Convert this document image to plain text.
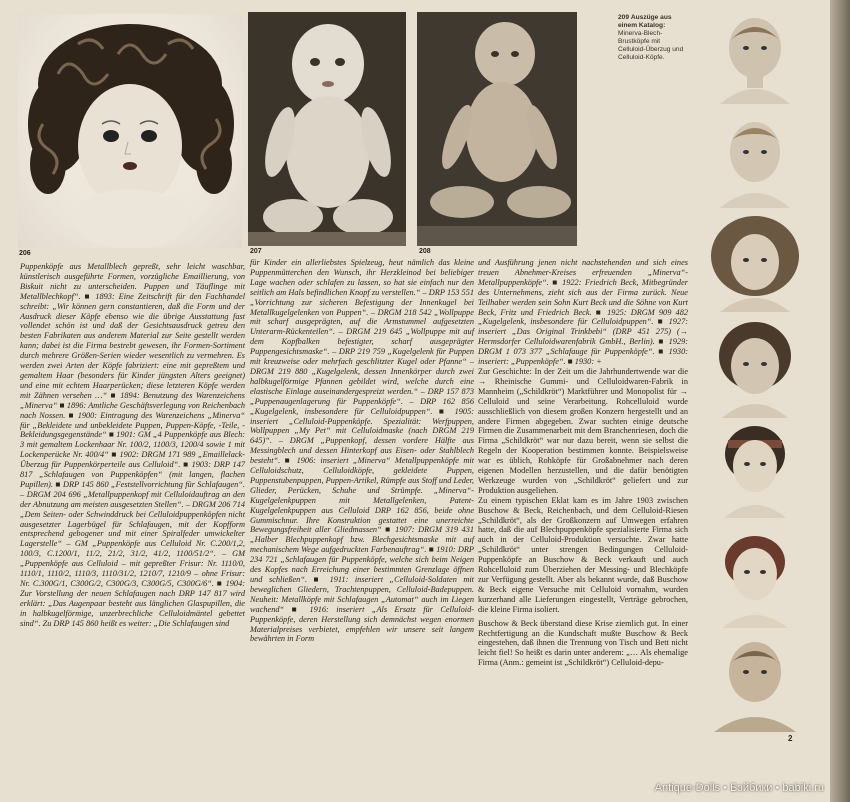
206	207	208
209 Auszüge aus einem Katalog: Minerva-Blech-Brustköpfe mit Celluloid-Überzug und Celluloid-Köpfe.

Puppenköpfe aus Metallblech gepreßt, sehr leicht waschbar, künstlerisch ausgeführte Formen, vorzügliche Emaillierung, von Biskuit nicht zu unterscheiden. Puppen und Täuflinge mit Metallblechkopf“. ■ 1893: Eine Zeitschrift für den Fachhandel schreibt: „Wir können gern constantieren, daß die Form und der Ausdruck dieser Köpfe ebenso wie die übrige Ausstattung fast vollendet schön ist und daß der Gesichtsausdruck getreu den besten Fabrikaten aus anderem Material zur Seite gestellt werden kann; dabei ist die Firma bestrebt gewesen, ihr Formen-Sortiment durch mehrere Größen-Serien wieder wesentlich zu vermehren. Es werden zwei Arten der Köpfe fabriziert: eine mit gepreßtem und gemaltem Haar (besonders für Kinder jüngsten Alters geeignet) und eine mit echtem Haarperücken; diese letzteren Köpfe werden mit Zähnen versehen …“ ■ 1894: Benutzung des Warenzeichens „Minerva“ ■ 1896: Amtliche Geschäftsverlegung von Reichenbach nach Nossen. ■ 1900: Eintragung des Warenzeichens „Minerva“ für „Bekleidete und unbekleidete Puppen, Puppen-Köpfe, -Teile, -Bekleidungsgegenstände“ ■ 1901: GM „4 Puppenköpfe aus Blech: 3 mit gemaltem Lockenhaar Nr. 100/2, 1100/3, 1200/4 sowie 1 mit Lockenperücke Nr. 400/4“ ■ 1902: DRGM 171 989 „Emaillelack-Überzug für Puppenkörperteile aus Celluloid“. ■ 1903: DRP 147 817 „Schlafaugen von Puppenköpfen“ (mit langen, flachen Pupillen). ■ DRP 145 860 „Feststellvorrichtung für Schlafaugen“. – DRGM 204 696 „Metallpuppenkopf mit Celluloidauftrag an den der Abnutzung am meisten ausgesetzten Stellen“. – DRGM 206 714 „Dem Seiten- oder Schwinddruck bei Celluloidpuppenköpfen nicht ausgesetzter Lagerbügel für Schlafaugen, mit der Kopfform entsprechend gebogener und mit einer Spiralfeder umwickelter Lagerstelle“ – GM „Puppenköpfe aus Celluloid Nr. C.200/1,2, 100/3, C.1200/1, 11/2, 21/2, 31/2, 41/2, 1100/51/2“. – GM „Puppenköpfe aus Celluloid – mit gepreßter Frisur: Nr. 1110/0, 1110/1, 1110/2, 1110/3, 1110/31/2, 1210/7, 1210/9 – ohne Frisur: Nr. C.300G/1, C300G/2, C300G/3, C300G/5, C300G/6“. ■ 1904: Zur Vorstellung der neuen Schlafaugen nach DRP 147 817 wird erklärt: „Das Augenpaar besteht aus länglichen Glaspupillen, die in halbkugelförmige, unzerbrechliche Celluloidmäntel gebettet sind“. Zu DRP 145 860 heißt es weiter: „Die Schlafaugen sind

für Kinder ein allerliebstes Spielzeug, heut nämlich das kleine Puppenmütterchen den Wunsch, ihr Herzkleinod bei beliebiger Lage wachen oder schlafen zu lassen, so hat sie einfach nur den seitlich am Hals befindlichen Knopf zu verstellen.“ – DRP 153 551 „Vorrichtung zur sicheren Befestigung der Innenkugel bei Metallkugelgelenken von Puppen“. – DRGM 218 542 „Wollpuppe mit scharf ausgeprägten, auf die Armstummel aufgesetzten Unterarm-Rückenteilen“. – DRGM 219 645 „Wollpuppe mit auf dem Kopfbalken befestigter, scharf ausgeprägter Puppengesichtsmaske“. – DRP 219 759 „Kugelgelenk für Puppen mit kreuzweise oder mehrfach geschlitzter Kugel oder Pfanne“ – DRGM 219 880 „Kugelgelenk, dessen Innenkörper durch zwei halbkugelförmige Pfannen gebildet wird, welche durch eine elastische Einlage auseinandergespreizt werden.“ – DRP 157 873 „Puppenaugenlagerung für Puppenköpfe“. – DRP 162 856 „Kugelgelenk, insbesondere für Celluloidpuppen“. ■ 1905: inseriert „Celluloid-Puppenköpfe. Spezialität: Werfpuppen, Wollpuppen „My Pet“ mit Celluloidmaske (nach DRGM 219 645)“. – DRGM „Puppenkopf, dessen vordere Hälfte aus Messingblech und dessen Hinterkopf aus Eisen- oder Stahlblech besteht“. ■ 1906: inseriert „Minerva“ Metallpuppenköpfe mit Celluloidschutz, Celluloidköpfe, gekleidete Puppen, Puppenstubenpuppen, Puppen-Artikel, Rümpfe aus Stoff und Leder, Glieder, Perücken, Schuhe und Strümpfe. „Minerva“-Kugelgelenkpuppen mit Metallgelenken, Patent-Kugelgelenkpuppen aus Celluloid DRP 162 856, beide ohne Gummischnur. Ihre Konstruktion gestattet eine unerreichte Bewegungsfreiheit aller Gliedmassen“ ■ 1907: DRGM 319 431 „Halber Blechpuppenkopf bzw. Blechgesichtsmaske mit auf mechanischem Wege aufgedruckten Farbenauftrag“. ■ 1910: DRP 234 721 „Schlafaugen für Puppenköpfe, welche sich beim Neigen des Kopfes nach Erreichung einer bestimmten Grenzlage öffnen und schließen“. ■ 1911: inseriert „Celluloid-Soldaten mit beweglichen Gliedern, Trachtenpuppen, Celluloid-Badepuppen. Neuheit: Metallköpfe mit Schlafaugen „Automat“ auch im Liegen wachend“ ■ 1916: inseriert „Als Ersatz für Celluloid-Puppenköpfe, deren Herstellung sich demnächst wegen enormen Materialpreises verbietet, empfehlen wir unsere seit langem bewährten in Form

und Ausführung jenen nicht nachstehenden und sich eines treuen Abnehmer-Kreises erfreuenden „Minerva“-Metallpuppenköpfe“. ■ 1922: Friedrich Beck, Mitbegründer des Unternehmens, zieht sich aus der Firma zurück. Neue Teilhaber werden sein Sohn Kurt Beck und die Söhne von Kurt Beck, Fritz und Friedrich Beck. ■ 1925: DRGM 909 482 „Kugelgelenk, insbesondere für Celluloidpuppen“. ■ 1927: inseriert „Das Original Trinkbebi“ (DRP 451 275) (→ Hermsdorfer Celluloidwarenfabrik GmbH., Berlin). ■ 1929: DRGM 1 073 377 „Schlafauge für Puppenköpfe“. ■ 1930: inseriert: „Puppenköpfe“. ■ 1930: +

Zur Geschichte: In der Zeit um die Jahrhundertwende war die → Rheinische Gummi- und Celluloidwaren-Fabrik in Mannheim („Schildkröt“) Marktführer und Monopolist für → Celluloid und seine Verarbeitung. Rohcelluloid wurde ausschließlich von diesem großen Konzern hergestellt und an andere Firmen abgegeben. Zwar suchten einige deutsche Firmen die Zusammenarbeit mit dem Branchenriesen, doch die Firma „Schildkröt“ war nur dazu bereit, wenn sie selbst die Regeln der Kooperation bestimmen konnte. Beispielsweise war es üblich, Rohköpfe für Großabnehmer nach deren eigenen Modellen herzustellen, und die dafür benötigten Werkzeuge wurden von „Schildkröt“ geliefert und zur Produktion ausgeliehen.

Zu einem typischen Eklat kam es im Jahre 1903 zwischen Buschow & Beck, Reichenbach, und dem Celluloid-Riesen „Schildkröt“, als der Großkonzern auf Umwegen erfahren hatte, daß die auf Blechpuppenköpfe spezialisierte Firma sich auch in der Celluloid-Produktion versuchte. Zwar hatte „Schildkröt“ unter strengen Bedingungen Celluloid-Puppenköpfe an Buschow & Beck verkauft und auch Rohcelluloid zum Überziehen der Messing- und Blechköpfe zur Verfügung gestellt. Aber als bekannt wurde, daß Buschow & Beck eigene Versuche mit Celluloid vornahm, wurden kurzerhand alle Lieferungen eingestellt, Verträge gebrochen, die kleine Firma isoliert.

Buschow & Beck überstand diese Krise ziemlich gut. In einer Rechtfertigung an die Kundschaft mußte Buschow & Beck eingestehen, daß ihnen die Trennung von Tisch und Bett nicht leicht fiel! So heißt es darin unter anderem: „… Als ehemalige Firma (Anm.: gemeint ist „Schildkröt“) Celluloid-depu-

2
Antique-Dolls • Бэйбики • babiki.ru
